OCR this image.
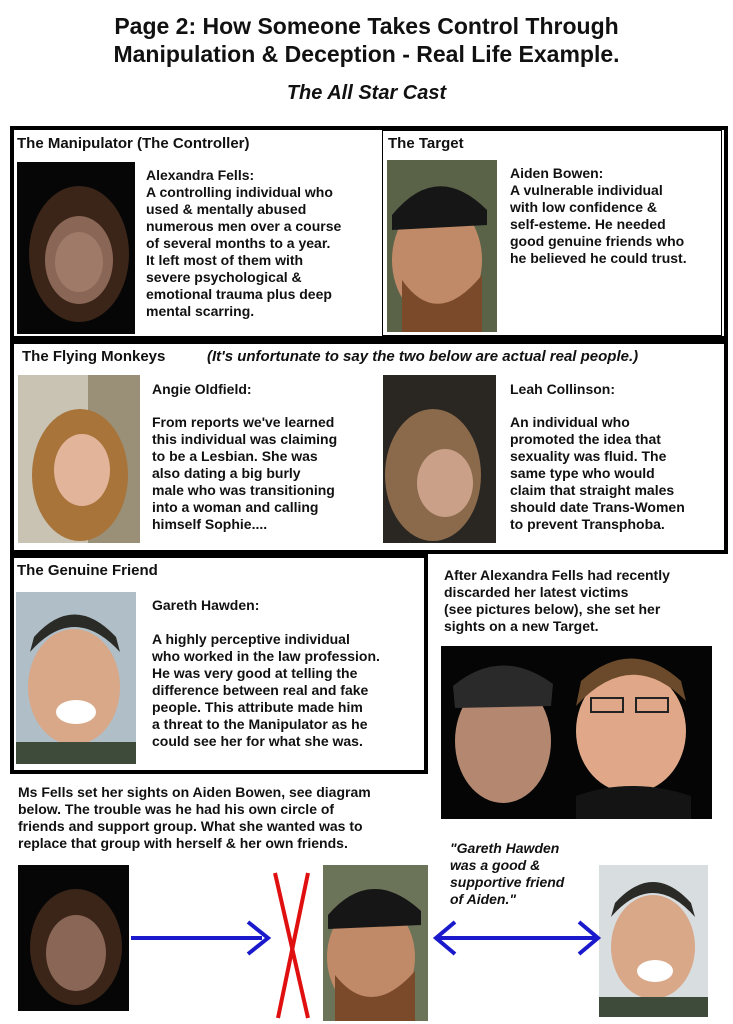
Page 2: How Someone Takes Control Through
Manipulation & Deception - Real Life Example.
The All Star Cast
The Manipulator (The Controller)	The Target
Alexandra Fells:
A controlling individual who
used & mentally abused
numerous men over a course
of several months to a year.
It left most of them with
severe psychological &
emotional trauma plus deep
mental scarring.
Aiden Bowen:
A vulnerable individual
with low confidence &
self-esteme. He needed
good genuine friends who
he believed he could trust.
The Flying Monkeys	(It's unfortunate to say the two below are actual real people.)
Angie Oldfield:
From reports we've learned
this individual was claiming
to be a Lesbian. She was
also dating a big burly
male who was transitioning
into a woman and calling
himself Sophie....
Leah Collinson:
An individual who
promoted the idea that
sexuality was fluid. The
same type who would
claim that straight males
should date Trans-Women
to prevent Transphoba.
The Genuine Friend
Gareth Hawden:
A highly perceptive individual
who worked in the law profession.
He was very good at telling the
difference between real and fake
people. This attribute made him
a threat to the Manipulator as he
could see her for what she was.
After Alexandra Fells had recently
discarded her latest victims
(see pictures below), she set her
sights on a new Target.
Ms Fells set her sights on Aiden Bowen, see diagram
below. The trouble was he had his own circle of
friends and support group. What she wanted was to
replace that group with herself & her own friends.	"Gareth Hawden
was a good &
supportive friend
of Aiden."
